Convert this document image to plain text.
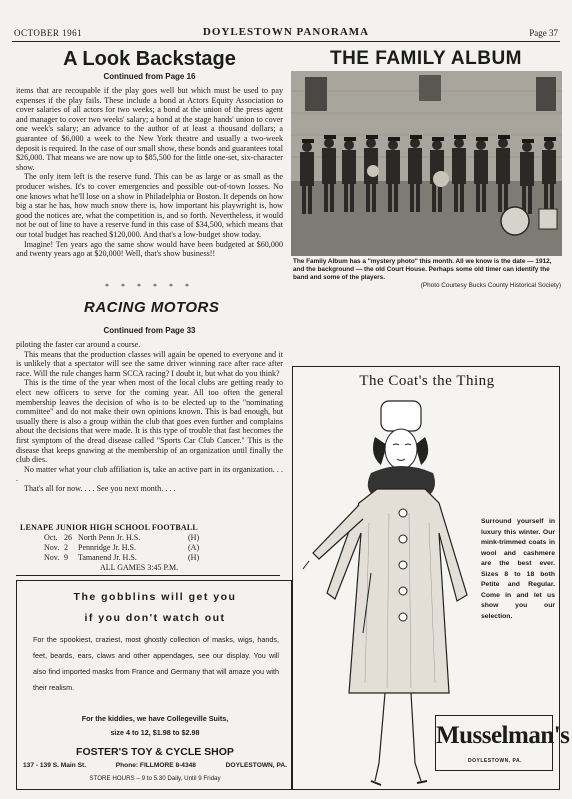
OCTOBER 1961	DOYLESTOWN PANORAMA	Page 37
A Look Backstage
Continued from Page 16

items that are recoupable if the play goes well but which must be used to pay expenses if the play fails. These include a bond at Actors Equity Association to cover salaries of all actors for two weeks; a bond at the union of the press agent and manager to cover two weeks' salary; a bond at the stage hands' union to cover one week's salary; an advance to the author of at least a thousand dollars; a guarantee of $6,000 a week to the New York theatre and usually a two-week deposit is required. In the case of our small show, these bonds and guarantees total $26,000. That means we are now up to $85,500 for the little one-set, six-character show.

The only item left is the reserve fund. This can be as large or as small as the producer wishes. It's to cover emergencies and possible out-of-town losses. No one knows what he'll lose on a show in Philadelphia or Boston. It depends on how big a star he has, how much snow there is, how important his playwright is, how good the notices are, what the competition is, and so forth. Nevertheless, it would not be out of line to have a reserve fund in this case of $34,500, which means that our total budget has reached $120,000. And that's a low-budget show today.

Imagine! Ten years ago the same show would have been budgeted at $60,000 and twenty years ago at $20,000! Well, that's show business!!

* * * * * *
RACING MOTORS
Continued from Page 33

piloting the faster car around a course.

This means that the production classes will again be opened to everyone and it is unlikely that a spectator will see the same driver winning race after race after race. Will the rule changes harm SCCA racing? I doubt it, but what do you think?

This is the time of the year when most of the local clubs are getting ready to elect new officers to serve for the coming year. All too often the general membership leaves the decision of who is to be elected up to the "nominating committee" and do not make their own opinions known. This is bad enough, but usually there is also a group within the club that goes even further and complains about the decisions that were made. It is this type of trouble that fast becomes the first symptom of the dread disease called "Sports Car Club Cancer." This is the disease that keeps gnawing at the membership of an organization until finally the club dies.

No matter what your club affiliation is, take an active part in its organization. . . .

That's all for now. . . . See you next month. . . .

LENAPE JUNIOR HIGH SCHOOL FOOTBALL
Oct. 26 North Penn Jr. H.S.	(H)
Nov. 2	Pennridge Jr. H.S.	(A)
Nov. 9	Tamanend Jr. H.S.	(H)
ALL GAMES 3:45 P.M.
The gobblins will get you
if you don't watch out
For the spookiest, craziest, most ghostly collection of masks, wigs, hands, feet, beards, ears, claws and other appendages, see our display. You will also find imported masks from France and Germany that will amaze you with their realism.
For the kiddies, we have Collegeville Suits,
size 4 to 12, $1.98 to $2.98
FOSTER'S TOY & CYCLE SHOP
137 - 139 S. Main St.	Phone: FILLMORE 8-4348	DOYLESTOWN, PA.
STORE HOURS – 9 to 5.30 Daily, Until 9 Friday
THE FAMILY ALBUM
The Family Album has a "mystery photo" this month. All we know is the date — 1912, and the background — the old Court House. Perhaps some old timer can identify the band and some of the players.
(Photo Courtesy Bucks County Historical Society)
The Coat's the Thing
Surround yourself in luxury this winter. Our mink-trimmed coats in wool and cashmere are the best ever. Sizes 8 to 18 both Petite and Regular. Come in and let us show you our selection.
Musselman's
DOYLESTOWN, PA.
